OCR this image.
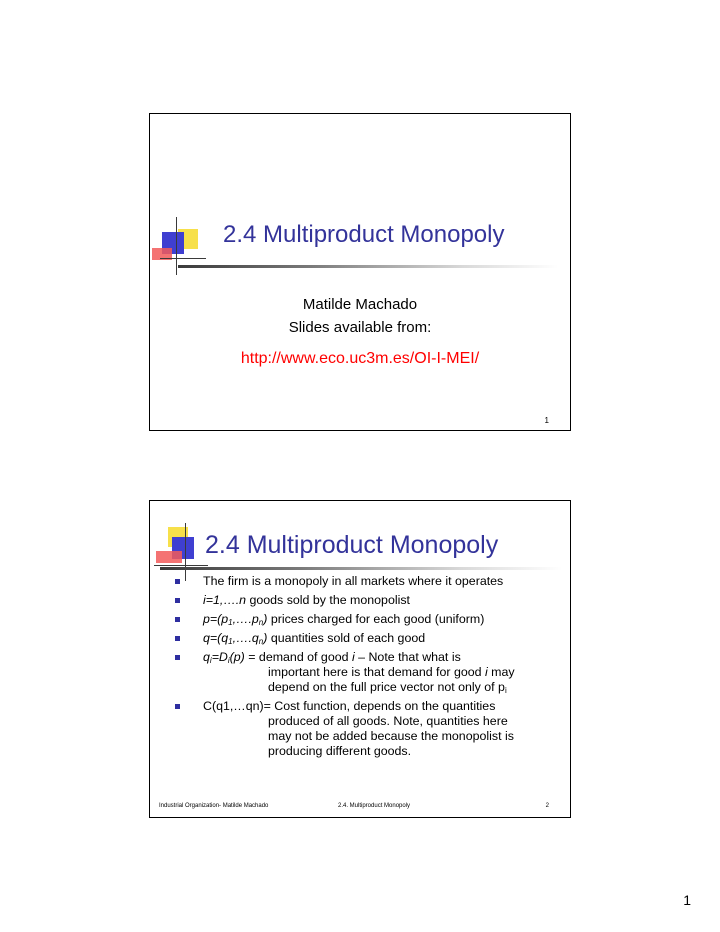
2.4 Multiproduct Monopoly
Matilde Machado
Slides available from:
http://www.eco.uc3m.es/OI-I-MEI/
1
2.4 Multiproduct Monopoly
The firm is a monopoly in all markets where it operates
i=1,….n goods sold by the monopolist
$p=(p_1,\dots.p_n)$ prices charged for each good (uniform)
$q=(q_1,\dots.q_n)$ quantities sold of each good
$q_i=D_i(p)$ = demand of good i – Note that what is
important here is that demand for good i may
depend on the full price vector not only of $p_i$
C(q1,…qn)= Cost function, depends on the quantities
produced of all goods. Note, quantities here
may not be added because the monopolist is
producing different goods.
Industrial Organization- Matilde Machado	2.4. Multiproduct Monopoly	2
1
